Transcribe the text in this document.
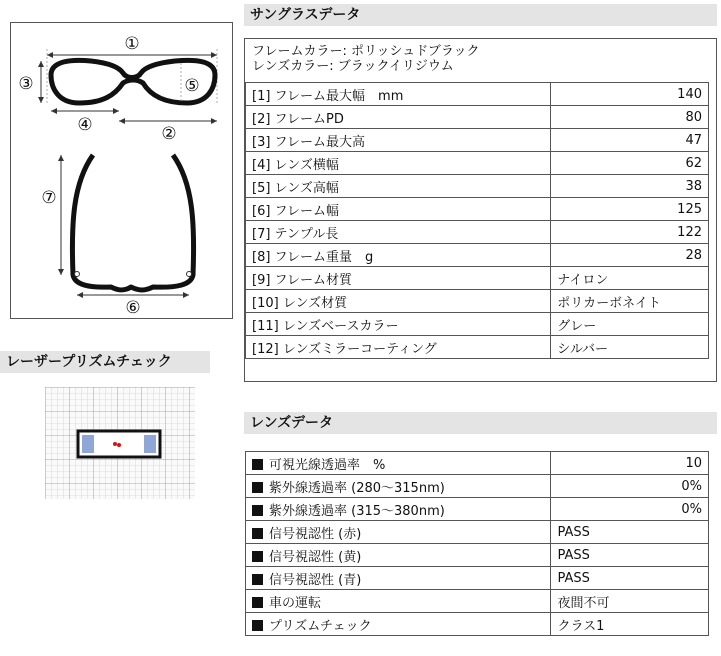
サングラスデータ
①
③	⑤
④	②
⑦
⑥
レーザープリズムチェック
フレームカラー: ポリッシュドブラック
レンズカラー: ブラックイリジウム
[1] フレーム最大幅　mm	140
[2] フレームPD	80
[3] フレーム最大高	47
[4] レンズ横幅	62
[5] レンズ高幅	38
[6] フレーム幅	125
[7] テンプル長	122
[8] フレーム重量　g	28
[9] フレーム材質	ナイロン
[10] レンズ材質	ポリカーボネイト
[11] レンズベースカラー	グレー
[12] レンズミラーコーティング	シルバー
レンズデータ
可視光線透過率　%	10
紫外線透過率 (280～315nm)	0%
紫外線透過率 (315～380nm)	0%
信号視認性 (赤)	PASS
信号視認性 (黄)	PASS
信号視認性 (青)	PASS
車の運転	夜間不可
プリズムチェック	クラス1
